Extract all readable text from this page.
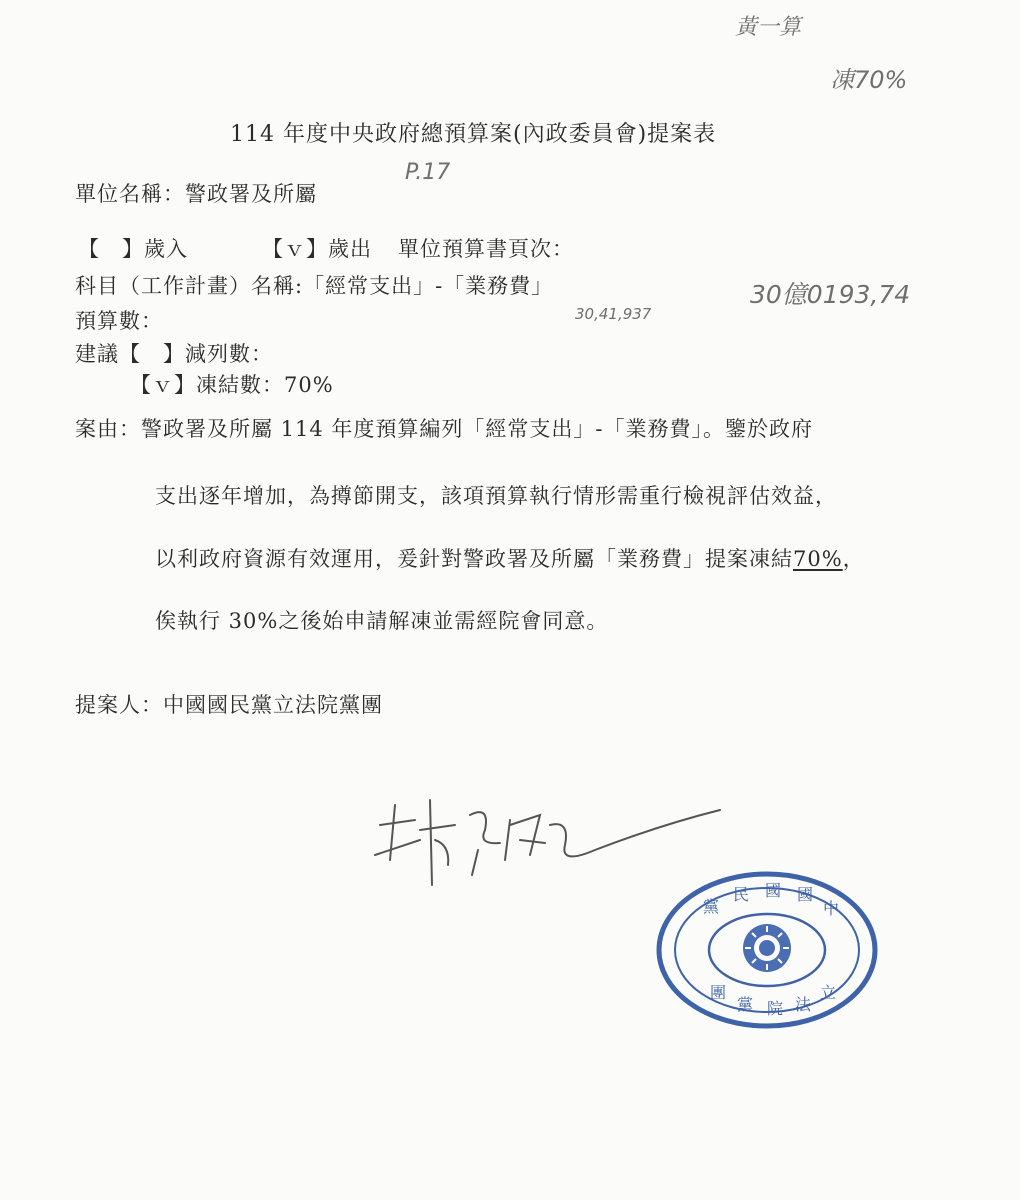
黃一算
凍70%
P.17
30億0193,74
30,41,937
114 年度中央政府總預算案(內政委員會)提案表
單位名稱：警政署及所屬
【　】歲入	【ｖ】歲出 單位預算書頁次：
科目（工作計畫）名稱:「經常支出」-「業務費」
預算數：
建議【　】減列數：
【ｖ】凍結數：70%
案由：警政署及所屬 114 年度預算編列「經常支出」-「業務費」。鑒於政府
支出逐年增加，為撙節開支，該項預算執行情形需重行檢視評估效益，
以利政府資源有效運用，爰針對警政署及所屬「業務費」提案凍結70%，
俟執行 30%之後始申請解凍並需經院會同意。
提案人：中國國民黨立法院黨團
黨
民 國 國
中
團
黨 院 法
立
